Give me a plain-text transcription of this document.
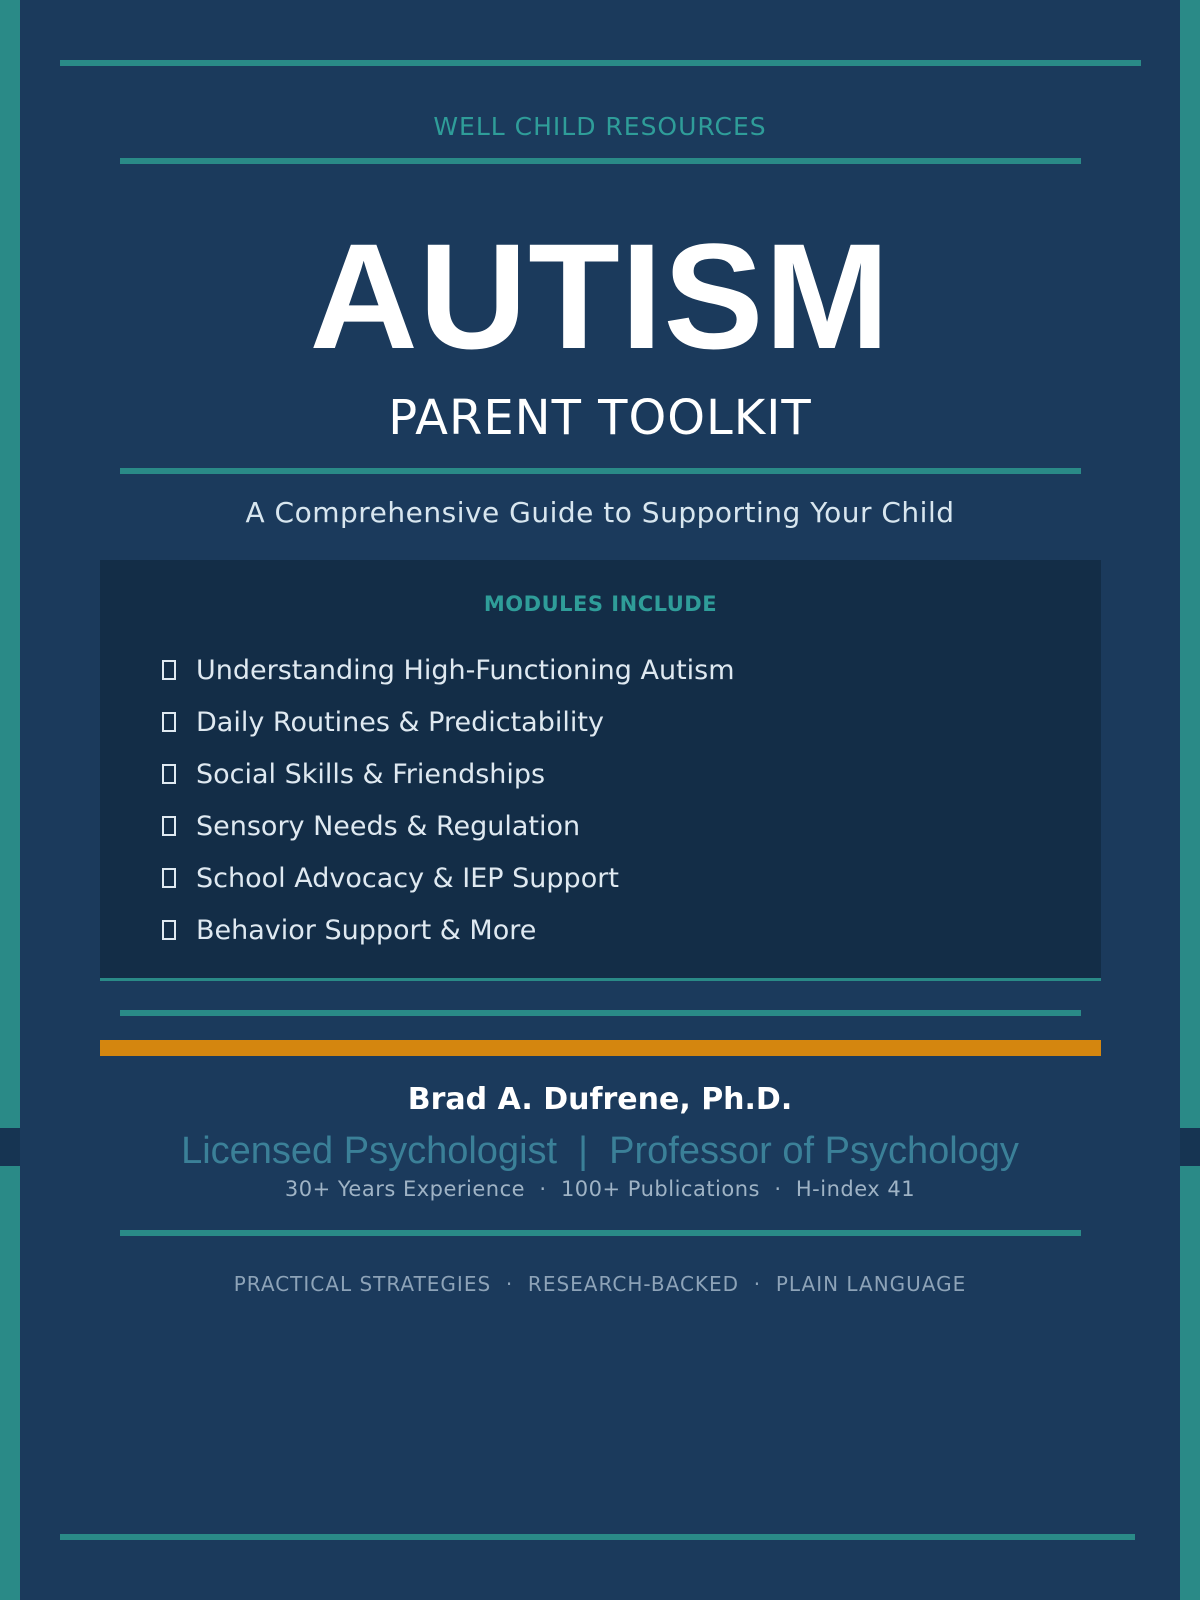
WELL CHILD RESOURCES
AUTISM
PARENT TOOLKIT
A Comprehensive Guide to Supporting Your Child
MODULES INCLUDE
Understanding High-Functioning Autism
Daily Routines & Predictability
Social Skills & Friendships
Sensory Needs & Regulation
School Advocacy & IEP Support
Behavior Support & More
Brad A. Dufrene, Ph.D.
Licensed Psychologist  |  Professor of Psychology
30+ Years Experience  ·  100+ Publications  ·  H-index 41
PRACTICAL STRATEGIES  ·  RESEARCH-BACKED  ·  PLAIN LANGUAGE
